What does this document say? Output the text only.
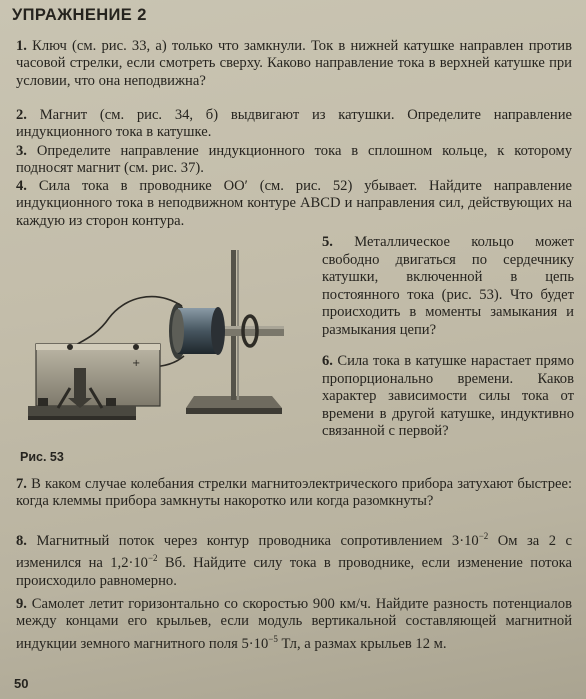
УПРАЖНЕНИЕ 2

1. Ключ (см. рис. 33, а) только что замкнули. Ток в нижней катушке направлен против часовой стрелки, если смотреть сверху. Каково направление тока в верхней катушке при условии, что она неподвижна?

2. Магнит (см. рис. 34, б) выдвигают из катушки. Определите направление индукционного тока в катушке.

3. Определите направление индукционного тока в сплошном кольце, к которому подносят магнит (см. рис. 37).

4. Сила тока в проводнике OO′ (см. рис. 52) убывает. Найдите направление индукционного тока в неподвижном контуре ABCD и направления сил, действующих на каждую из сторон контура.

+
Рис. 53

5. Металлическое кольцо может свободно двигаться по сердечнику катушки, включенной в цепь постоянного тока (рис. 53). Что будет происходить в моменты замыкания и размыкания цепи?

6. Сила тока в катушке нарастает прямо пропорционально времени. Каков характер зависимости силы тока от времени в другой катушке, индуктивно связанной с первой?

7. В каком случае колебания стрелки магнитоэлектрического прибора затухают быстрее: когда клеммы прибора замкнуты накоротко или когда разомкнуты?

8. Магнитный поток через контур проводника сопротивлением $3\cdot 10^{-2}$ Ом за 2 с изменился на $1,2\cdot 10^{-2}$ Вб. Найдите силу тока в проводнике, если изменение потока происходило равномерно.

9. Самолет летит горизонтально со скоростью 900 км/ч. Найдите разность потенциалов между концами его крыльев, если модуль вертикальной составляющей магнитной индукции земного магнитного поля $5\cdot 10^{-5}$ Тл, а размах крыльев 12 м.

50
